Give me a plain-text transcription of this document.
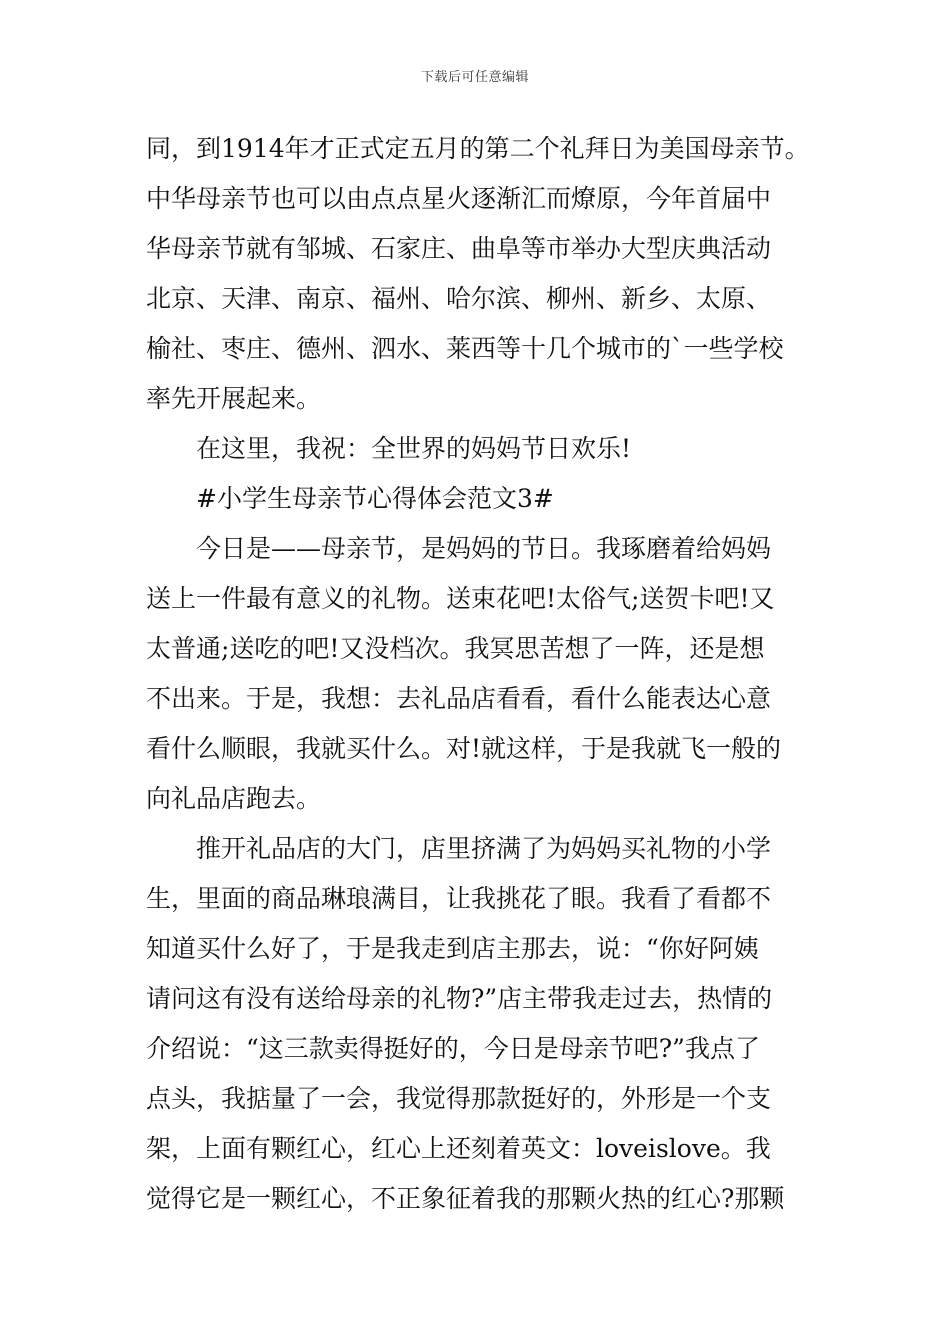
下载后可任意编辑
同，到1914年才正式定五月的第二个礼拜日为美国母亲节。
中华母亲节也可以由点点星火逐渐汇而燎原，今年首届中
华母亲节就有邹城、石家庄、曲阜等市举办大型庆典活动
北京、天津、南京、福州、哈尔滨、柳州、新乡、太原、
榆社、枣庄、德州、泗水、莱西等十几个城市的`一些学校
率先开展起来。
在这里，我祝：全世界的妈妈节日欢乐!
#小学生母亲节心得体会范文3#
今日是——母亲节，是妈妈的节日。我琢磨着给妈妈
送上一件最有意义的礼物。送束花吧!太俗气;送贺卡吧!又
太普通;送吃的吧!又没档次。我冥思苦想了一阵，还是想
不出来。于是，我想：去礼品店看看，看什么能表达心意
看什么顺眼，我就买什么。对!就这样，于是我就飞一般的
向礼品店跑去。
推开礼品店的大门，店里挤满了为妈妈买礼物的小学
生，里面的商品琳琅满目，让我挑花了眼。我看了看都不
知道买什么好了，于是我走到店主那去，说：“你好阿姨
请问这有没有送给母亲的礼物?”店主带我走过去，热情的
介绍说：“这三款卖得挺好的，今日是母亲节吧?”我点了
点头，我掂量了一会，我觉得那款挺好的，外形是一个支
架，上面有颗红心，红心上还刻着英文：loveislove。我
觉得它是一颗红心，不正象征着我的那颗火热的红心?那颗
